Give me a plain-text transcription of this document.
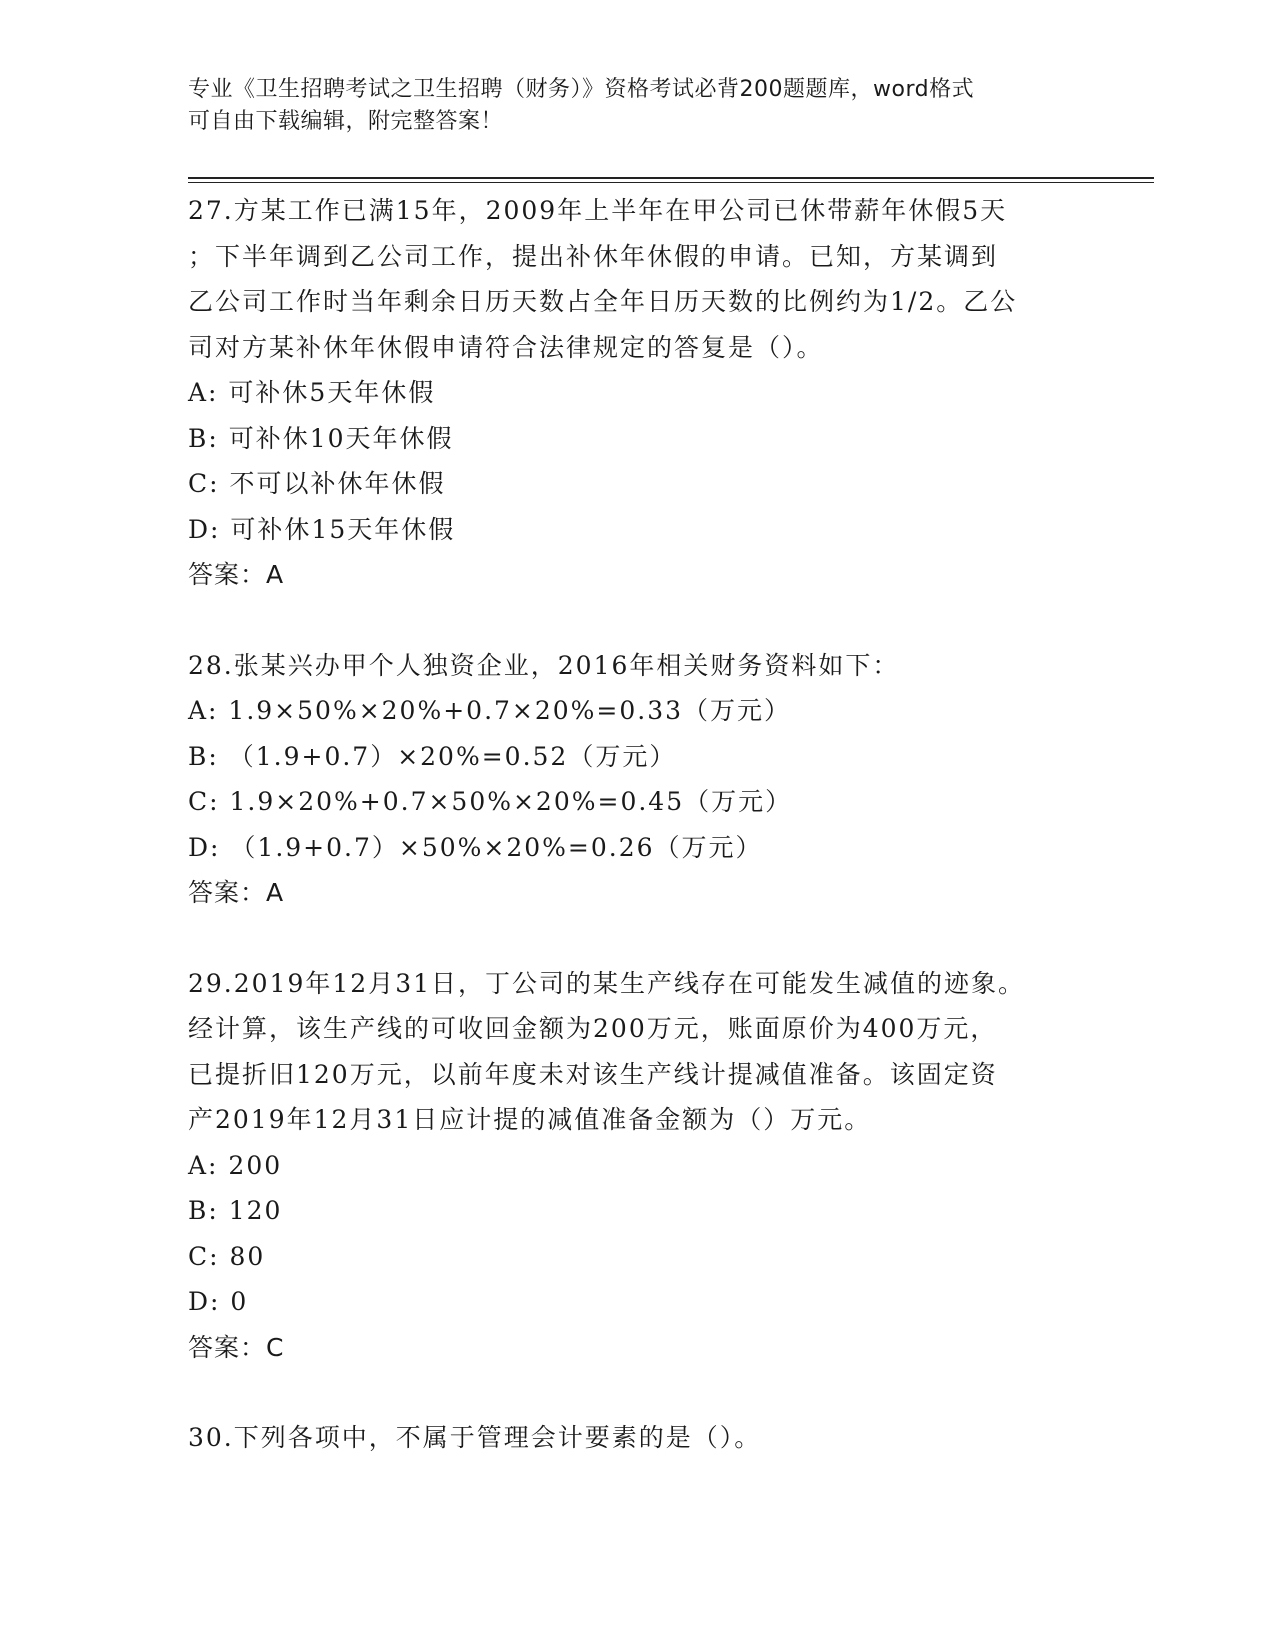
专业《卫生招聘考试之卫生招聘（财务）》资格考试必背200题题库，word格式
可自由下载编辑，附完整答案！
27.方某工作已满15年，2009年上半年在甲公司已休带薪年休假5天
；下半年调到乙公司工作，提出补休年休假的申请。已知，方某调到
乙公司工作时当年剩余日历天数占全年日历天数的比例约为1/2。乙公
司对方某补休年休假申请符合法律规定的答复是（）。
A: 可补休5天年休假
B: 可补休10天年休假
C: 不可以补休年休假
D: 可补休15天年休假
答案：A
28.张某兴办甲个人独资企业，2016年相关财务资料如下：
A: 1.9×50%×20%+0.7×20%=0.33（万元）
B: （1.9+0.7）×20%=0.52（万元）
C: 1.9×20%+0.7×50%×20%=0.45（万元）
D: （1.9+0.7）×50%×20%=0.26（万元）
答案：A
29.2019年12月31日，丁公司的某生产线存在可能发生减值的迹象。
经计算，该生产线的可收回金额为200万元，账面原价为400万元，
已提折旧120万元，以前年度未对该生产线计提减值准备。该固定资
产2019年12月31日应计提的减值准备金额为（）万元。
A: 200
B: 120
C: 80
D: 0
答案：C
30.下列各项中，不属于管理会计要素的是（）。
